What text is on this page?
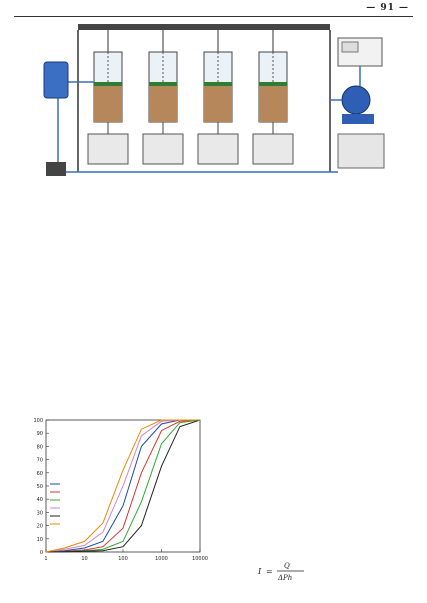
— 91 —

0
10
20
30
40
50
60
70
80
90
100
1	10	100	1000	10000

I =
Q
ΔPh
